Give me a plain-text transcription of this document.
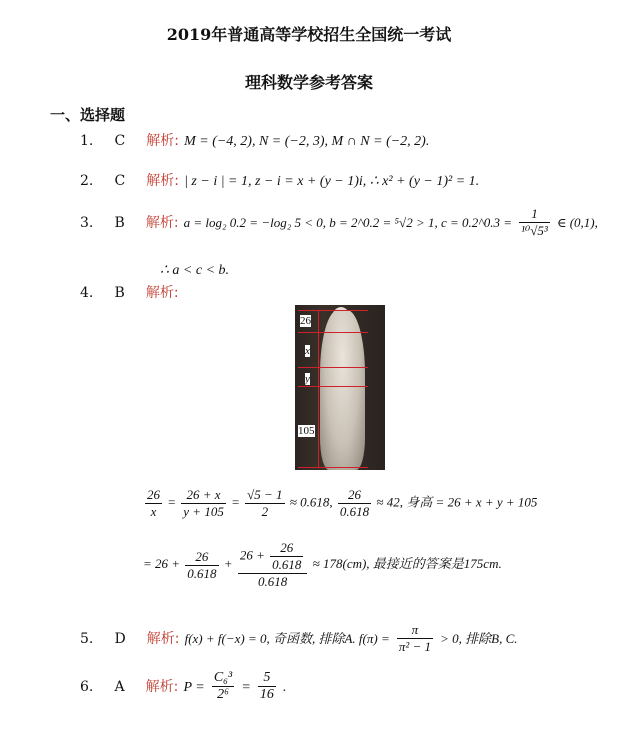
2019年普通高等学校招生全国统一考试
理科数学参考答案
一、选择题
1. C 解析: M = (−4, 2), N = (−2, 3), M ∩ N = (−2, 2).
2. C 解析: | z − i | = 1, z − i = x + (y − 1)i, ∴ x² + (y − 1)² = 1.
3. B 解析: a = log₂ 0.2 = −log₂ 5 < 0, b = 2^0.2 = ⁵√2 > 1, c = 0.2^0.3 = $\frac{1}{\text{¹⁰√5³}}$ ∈ (0,1),
∴ a < c < b.
4. B 解析:
26
x
y
105
$\frac{26}{x} = \frac{26 + x}{y + 105} = \frac{√5 - 1}{2} \approx 0.618$, $\frac{26}{0.618} \approx 42$, 身高 = 26 + x + y + 105
= $26 + \frac{26}{0.618} + \frac{26 + \frac{26}{0.618}}{0.618} \approx 178(cm)$, 最接近的答案是175cm.
5. D 解析: f(x) + f(−x) = 0, 奇函数, 排除A. $f(\pi) = \frac{\pi}{\text{π² − 1}} > 0$, 排除B, C.
6. A 解析: $P = \frac{\text{C₆³}}{\text{2⁶}} = \frac{5}{16}$ .
